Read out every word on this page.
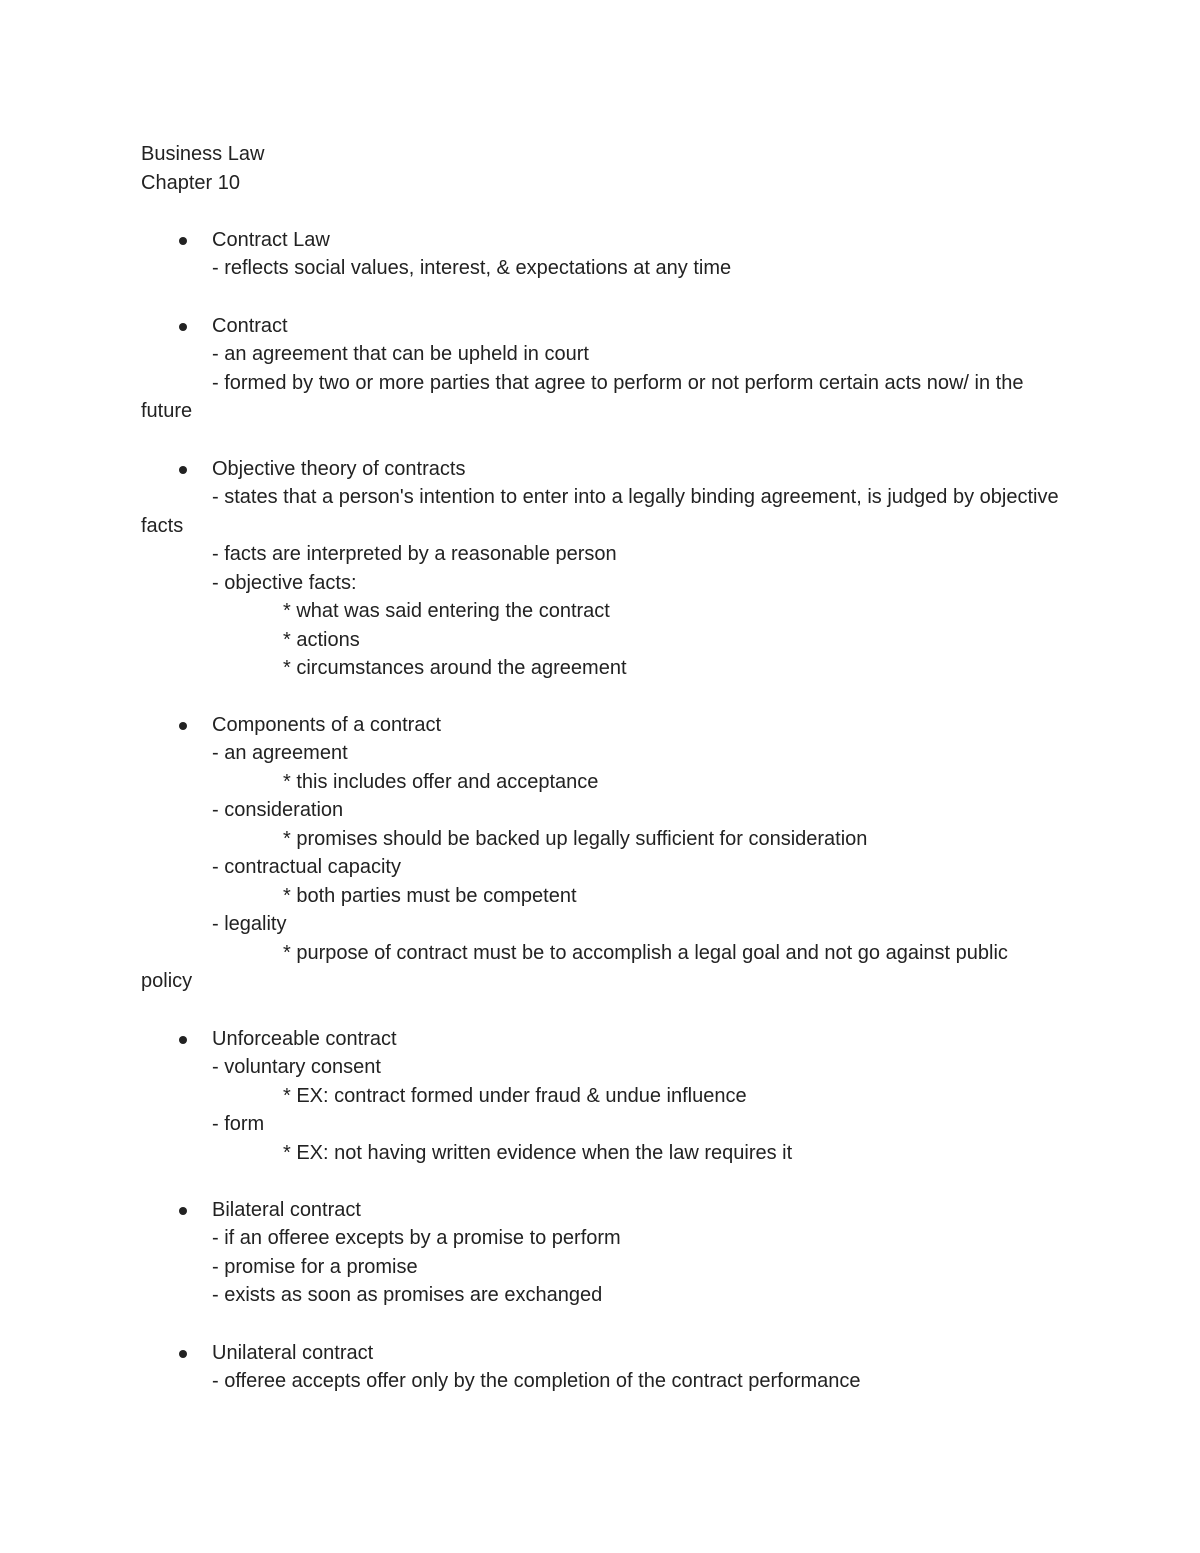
Business Law
Chapter 10
Contract Law
- reflects social values, interest, & expectations at any time
Contract
- an agreement that can be upheld in court
- formed by two or more parties that agree to perform or not perform certain acts now/ in the future
Objective theory of contracts
- states that a person's intention to enter into a legally binding agreement, is judged by objective facts
- facts are interpreted by a reasonable person
- objective facts:
* what was said entering the contract
* actions
* circumstances around the agreement
Components of a contract
- an agreement
* this includes offer and acceptance
- consideration
* promises should be backed up legally sufficient for consideration
- contractual capacity
* both parties must be competent
- legality
* purpose of contract must be to accomplish a legal goal and not go against public policy
Unforceable contract
- voluntary consent
* EX: contract formed under fraud & undue influence
- form
* EX: not having written evidence when the law requires it
Bilateral contract
- if an offeree excepts by a promise to perform
- promise for a promise
- exists as soon as promises are exchanged
Unilateral contract
- offeree accepts offer only by the completion of the contract performance
